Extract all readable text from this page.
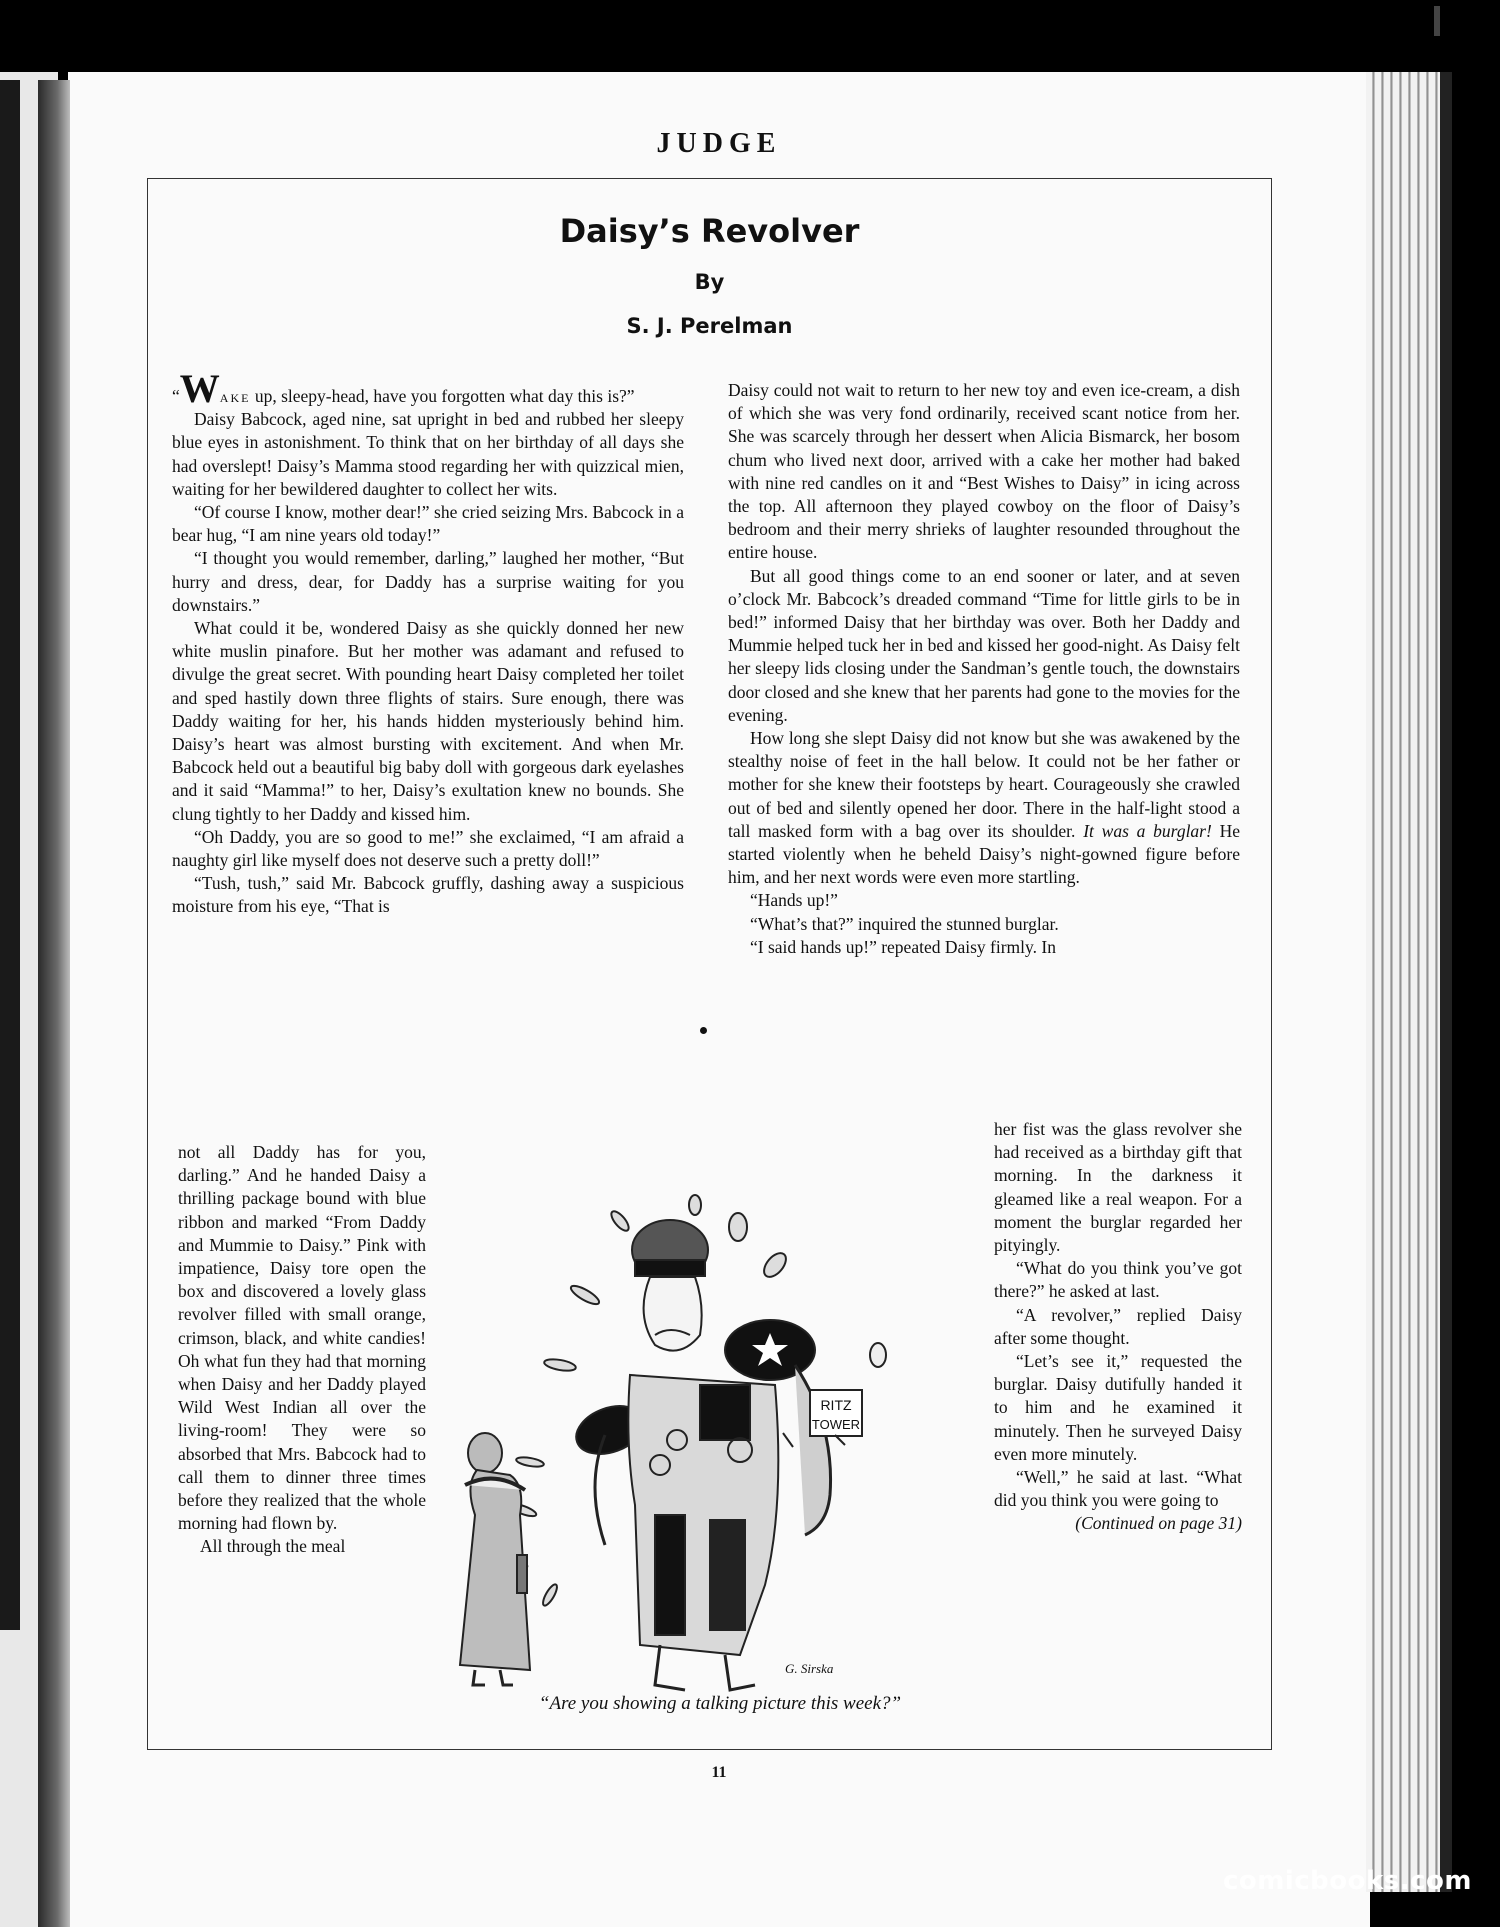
JUDGE
Daisy’s Revolver
By
S. J. Perelman

“Wake up, sleepy-head, have you forgotten what day this is?”

Daisy Babcock, aged nine, sat upright in bed and rubbed her sleepy blue eyes in astonishment. To think that on her birthday of all days she had overslept! Daisy’s Mamma stood regarding her with quizzical mien, waiting for her bewildered daughter to collect her wits.

“Of course I know, mother dear!” she cried seizing Mrs. Babcock in a bear hug, “I am nine years old today!”

“I thought you would remember, darling,” laughed her mother, “But hurry and dress, dear, for Daddy has a surprise waiting for you downstairs.”

What could it be, wondered Daisy as she quickly donned her new white muslin pinafore. But her mother was adamant and refused to divulge the great secret. With pounding heart Daisy completed her toilet and sped hastily down three flights of stairs. Sure enough, there was Daddy waiting for her, his hands hidden mysteriously behind him. Daisy’s heart was almost bursting with excitement. And when Mr. Babcock held out a beautiful big baby doll with gorgeous dark eyelashes and it said “Mamma!” to her, Daisy’s exultation knew no bounds. She clung tightly to her Daddy and kissed him.

“Oh Daddy, you are so good to me!” she exclaimed, “I am afraid a naughty girl like myself does not deserve such a pretty doll!”

“Tush, tush,” said Mr. Babcock gruffly, dashing away a suspicious moisture from his eye, “That is

not all Daddy has for you, darling.” And he handed Daisy a thrilling package bound with blue ribbon and marked “From Daddy and Mummie to Daisy.” Pink with impatience, Daisy tore open the box and discovered a lovely glass revolver filled with small orange, crimson, black, and white candies! Oh what fun they had that morning when Daisy and her Daddy played Wild West Indian all over the living-room! They were so absorbed that Mrs. Babcock had to call them to dinner three times before they realized that the whole morning had flown by.

All through the meal

Daisy could not wait to return to her new toy and even ice-cream, a dish of which she was very fond ordinarily, received scant notice from her. She was scarcely through her dessert when Alicia Bismarck, her bosom chum who lived next door, arrived with a cake her mother had baked with nine red candles on it and “Best Wishes to Daisy” in icing across the top. All afternoon they played cowboy on the floor of Daisy’s bedroom and their merry shrieks of laughter resounded throughout the entire house.

But all good things come to an end sooner or later, and at seven o’clock Mr. Babcock’s dreaded command “Time for little girls to be in bed!” informed Daisy that her birthday was over. Both her Daddy and Mummie helped tuck her in bed and kissed her good-night. As Daisy felt her sleepy lids closing under the Sandman’s gentle touch, the downstairs door closed and she knew that her parents had gone to the movies for the evening.

How long she slept Daisy did not know but she was awakened by the stealthy noise of feet in the hall below. It could not be her father or mother for she knew their footsteps by heart. Courageously she crawled out of bed and silently opened her door. There in the half-light stood a tall masked form with a bag over its shoulder. It was a burglar! He started violently when he beheld Daisy’s night-gowned figure before him, and her next words were even more startling.

“Hands up!”

“What’s that?” inquired the stunned burglar.

“I said hands up!” repeated Daisy firmly. In

her fist was the glass revolver she had received as a birthday gift that morning. In the darkness it gleamed like a real weapon. For a moment the burglar regarded her pityingly.

“What do you think you’ve got there?” he asked at last.

“A revolver,” replied Daisy after some thought.

“Let’s see it,” requested the burglar. Daisy dutifully handed it to him and he examined it minutely. Then he surveyed Daisy even more minutely.

“Well,” he said at last. “What did you think you were going to

(Continued on page 31)

RITZ
TOWER
G. Sirska
“Are you showing a talking picture this week?”
11
comicbooks.com
